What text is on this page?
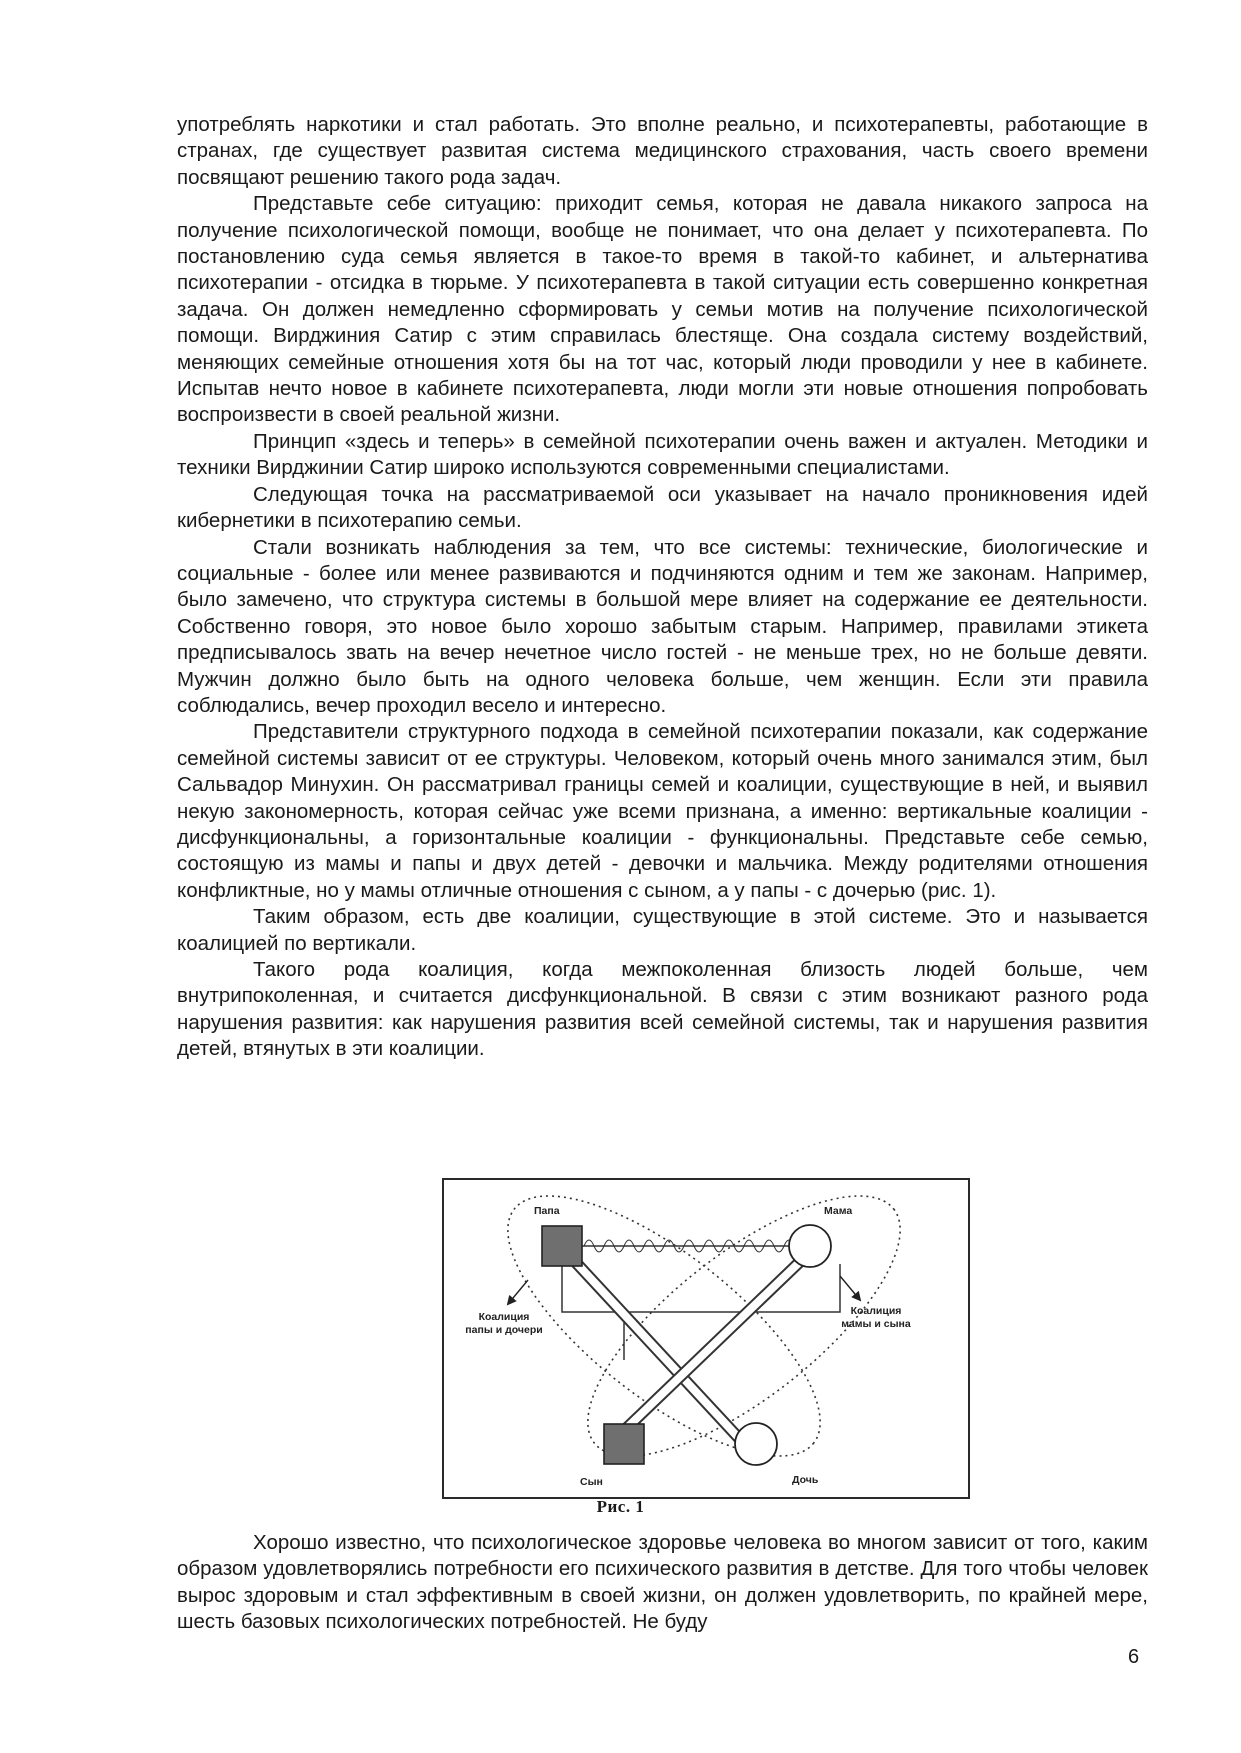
употреблять наркотики и стал работать. Это вполне реально, и психотерапевты, работающие в странах, где существует развитая система медицинского страхования, часть своего времени посвящают решению такого рода задач.

Представьте себе ситуацию: приходит семья, которая не давала никакого запроса на получение психологической помощи, вообще не понимает, что она делает у психотерапевта. По постановлению суда семья является в такое-то время в такой-то кабинет, и альтернатива психотерапии - отсидка в тюрьме. У психотерапевта в такой ситуации есть совершенно конкретная задача. Он должен немедленно сформировать у семьи мотив на получение психологической помощи. Вирджиния Сатир с этим справилась блестяще. Она создала систему воздействий, меняющих семейные отношения хотя бы на тот час, который люди проводили у нее в кабинете. Испытав нечто новое в кабинете психотерапевта, люди могли эти новые отношения попробовать воспроизвести в своей реальной жизни.

Принцип «здесь и теперь» в семейной психотерапии очень важен и актуален. Методики и техники Вирджинии Сатир широко используются современными специалистами.

Следующая точка на рассматриваемой оси указывает на начало проникновения идей кибернетики в психотерапию семьи.

Стали возникать наблюдения за тем, что все системы: технические, биологические и социальные - более или менее развиваются и подчиняются одним и тем же законам. Например, было замечено, что структура системы в большой мере влияет на содержание ее деятельности. Собственно говоря, это новое было хорошо забытым старым. Например, правилами этикета предписывалось звать на вечер нечетное число гостей - не меньше трех, но не больше девяти. Мужчин должно было быть на одного человека больше, чем женщин. Если эти правила соблюдались, вечер проходил весело и интересно.

Представители структурного подхода в семейной психотерапии показали, как содержание семейной системы зависит от ее структуры. Человеком, который очень много занимался этим, был Сальвадор Минухин. Он рассматривал границы семей и коалиции, существующие в ней, и выявил некую закономерность, которая сейчас уже всеми признана, а именно: вертикальные коалиции - дисфункциональны, а горизонтальные коалиции - функциональны. Представьте себе семью, состоящую из мамы и папы и двух детей - девочки и мальчика. Между родителями отношения конфликтные, но у мамы отличные отношения с сыном, а у папы - с дочерью (рис. 1).

Таким образом, есть две коалиции, существующие в этой системе. Это и называется коалицией по вертикали.

Такого рода коалиция, когда межпоколенная близость людей больше, чем внутрипоколенная, и считается дисфункциональной. В связи с этим возникают разного рода нарушения развития: как нарушения развития всей семейной системы, так и нарушения развития детей, втянутых в эти коалиции.

Папа	Мама
Сын	Дочь
Коалиция
папы и дочери
Коалиция
мамы и сына
Рис. 1

Хорошо известно, что психологическое здоровье человека во многом зависит от того, каким образом удовлетворялись потребности его психического развития в детстве. Для того чтобы человек вырос здоровым и стал эффективным в своей жизни, он должен удовлетворить, по крайней мере, шесть базовых психологических потребностей. Не буду

6
